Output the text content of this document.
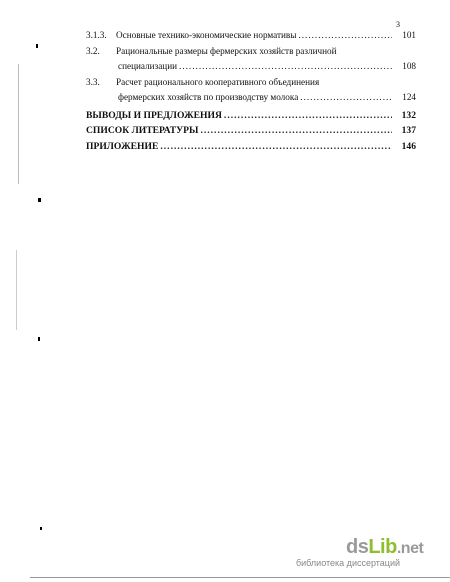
3
3.1.3.	Основные технико-экономические нормативы .....	101
3.2.	Рациональные размеры фермерских хозяйств различной
специализации .....	108
3.3.	Расчет рационального кооперативного объединения
фермерских хозяйств по производству молока .....	124
ВЫВОДЫ И ПРЕДЛОЖЕНИЯ .....	132
СПИСОК ЛИТЕРАТУРЫ .....	137
ПРИЛОЖЕНИЕ .....	146
ds Lib .net
библиотека диссертаций
